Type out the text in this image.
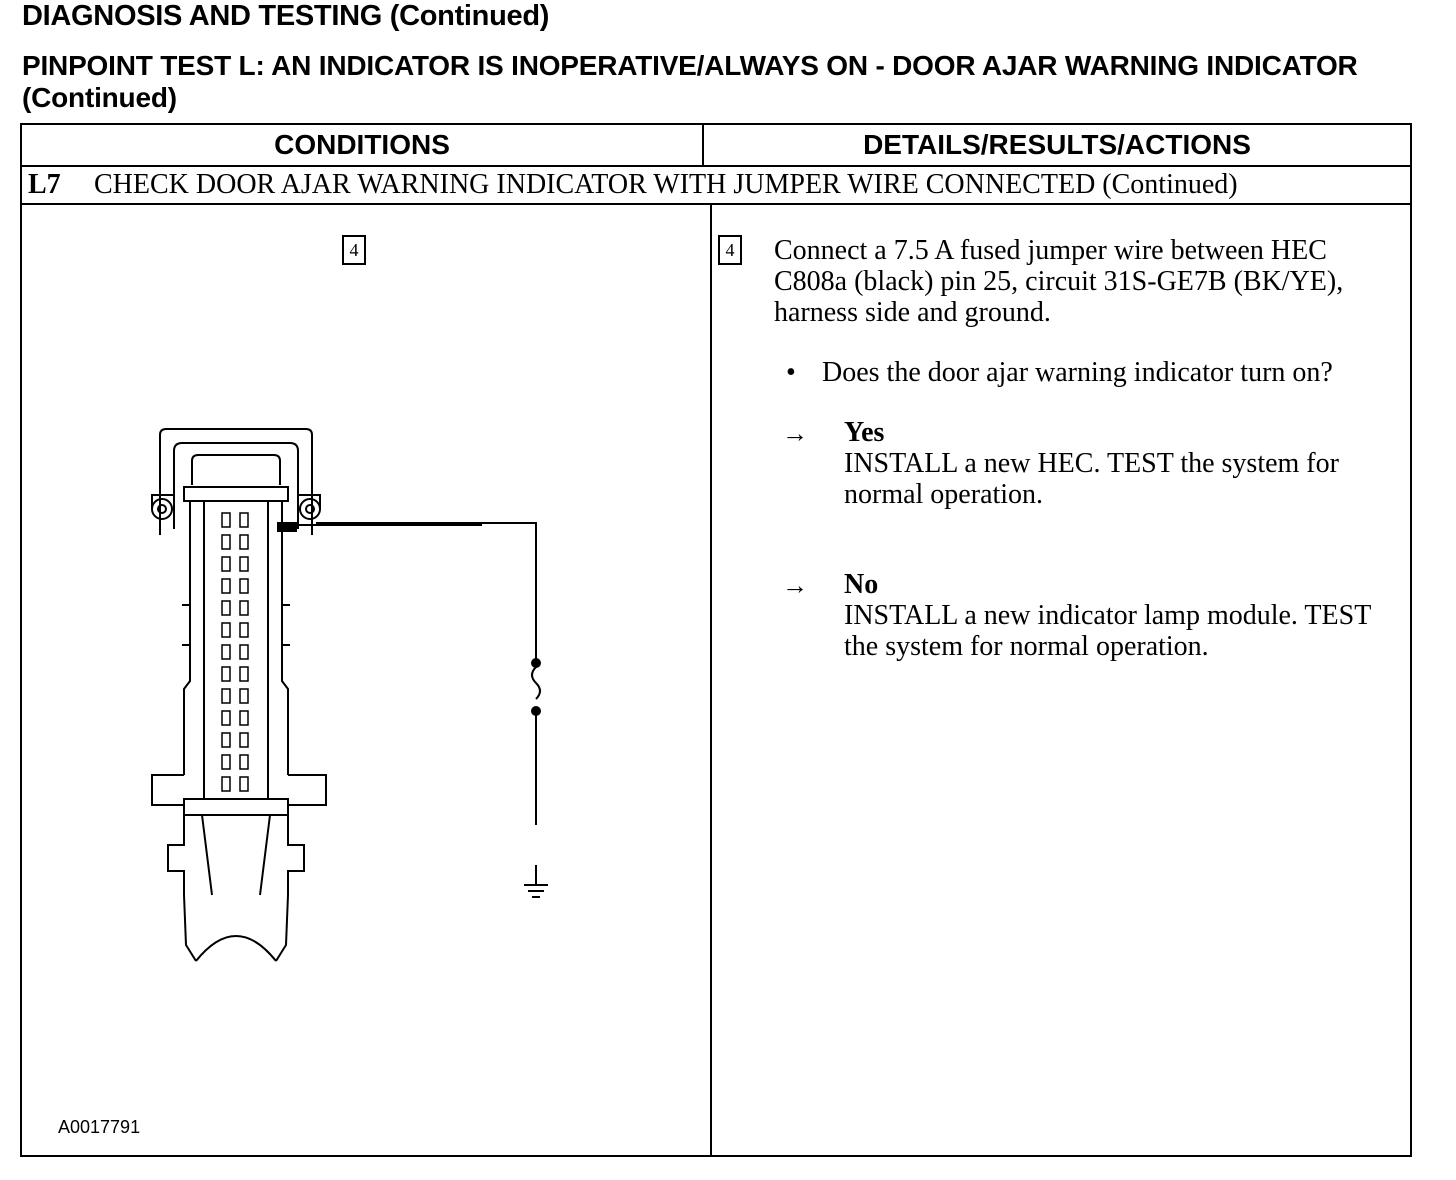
DIAGNOSIS AND TESTING (Continued)
PINPOINT TEST L: AN INDICATOR IS INOPERATIVE/ALWAYS ON - DOOR AJAR WARNING INDICATOR (Continued)
CONDITIONS	DETAILS/RESULTS/ACTIONS
L7	CHECK DOOR AJAR WARNING INDICATOR WITH JUMPER WIRE CONNECTED (Continued)
4
A0017791
4 Connect a 7.5 A fused jumper wire between HEC C808a (black) pin 25, circuit 31S-GE7B (BK/YE), harness side and ground.
• Does the door ajar warning indicator turn on?
→ Yes
INSTALL a new HEC. TEST the system for normal operation.
→ No
INSTALL a new indicator lamp module. TEST the system for normal operation.
